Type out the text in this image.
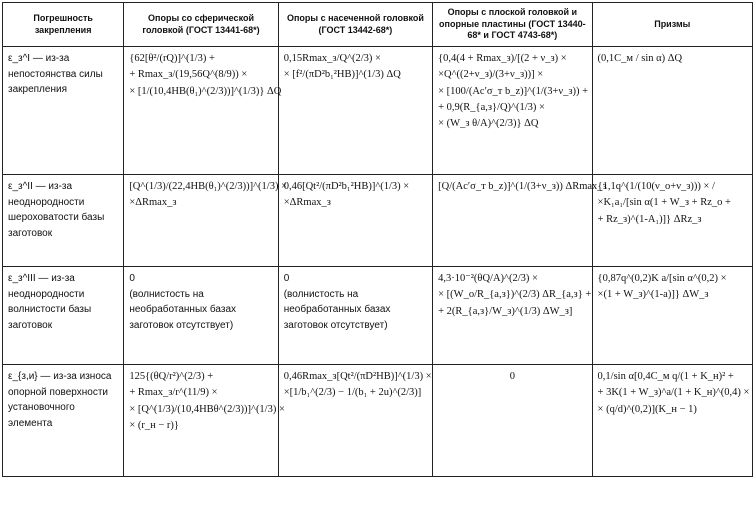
Погрешность закрепления	Опоры со сферической головкой (ГОСТ 13441-68*)	Опоры с насеченной головкой (ГОСТ 13442-68*)	Опоры с плоской головкой и опорные пластины (ГОСТ 13440-68* и ГОСТ 4743-68*)	Призмы
ε_з^I — из-за непостоянства силы закрепления	{62[θ²/(rQ)]^(1/3) +
+ Rmax_з/(19,56Q^(8/9)) ×
× [1/(10,4HB(θ₁)^(2/3))]^(1/3)} ΔQ	0,15Rmax_з/Q^(2/3) ×
× [f²/(πD²b₁²HB)]^(1/3) ΔQ	{0,4(4 + Rmax_з)/[(2 + ν_з) ×
×Q^((2+ν_з)/(3+ν_з))] ×
× [100/(Ac′σ_т b_z)]^(1/(3+ν_з)) +
+ 0,9(R_{a,з}/Q)^(1/3) ×
× (W_з θ/A)^(2/3)} ΔQ	(0,1C_м / sin α) ΔQ

ε_з^II — из-за неоднородности шероховатости базы заготовок	[Q^(1/3)/(22,4HB(θ₁)^(2/3))]^(1/3) ×
×ΔRmax_з	0,46[Qt²/(πD²b₁²HB)]^(1/3) ×
×ΔRmax_з	[Q/(Ac′σ_т b_z)]^(1/(3+ν_з)) ΔRmax_з	{1,1q^(1/(10(ν_о+ν_з))) × /
×K₁a₁/[sin α(1 + W_з + Rz_о +
+ Rz_з)^(1-A₁)]} ΔRz_з

ε_з^III — из-за неоднородности волнистости базы заготовок	0
(волнистость на необработанных базах заготовок отсутствует)	0
(волнистость на необработанных базах заготовок отсутствует)	4,3·10⁻²(θQ/A)^(2/3) ×
× [(W_о/R_{a,з})^(2/3) ΔR_{a,з} +
+ 2(R_{a,з}/W_з)^(1/3) ΔW_з]	{0,87q^(0,2)K a/[sin α^(0,2) ×
×(1 + W_з)^(1-a)]} ΔW_з

ε_{з,и} — из-за износа опорной поверхности установочного элемента	125{(θQ/r²)^(2/3) +
+ Rmax_з/r^(11/9) ×
× [Q^(1/3)/(10,4HBθ^(2/3))]^(1/3) ×
× (r_н − r)}	0,46Rmax_з[Qt²/(πD²HB)]^(1/3) ×
×[1/b₁^(2/3) − 1/(b₁ + 2u)^(2/3)]	0	0,1/sin α[0,4C_м q/(1 + K_н)² +
+ 3K(1 + W_з)^a/(1 + K_н)^(0,4) ×
× (q/d)^(0,2)](K_н − 1)
